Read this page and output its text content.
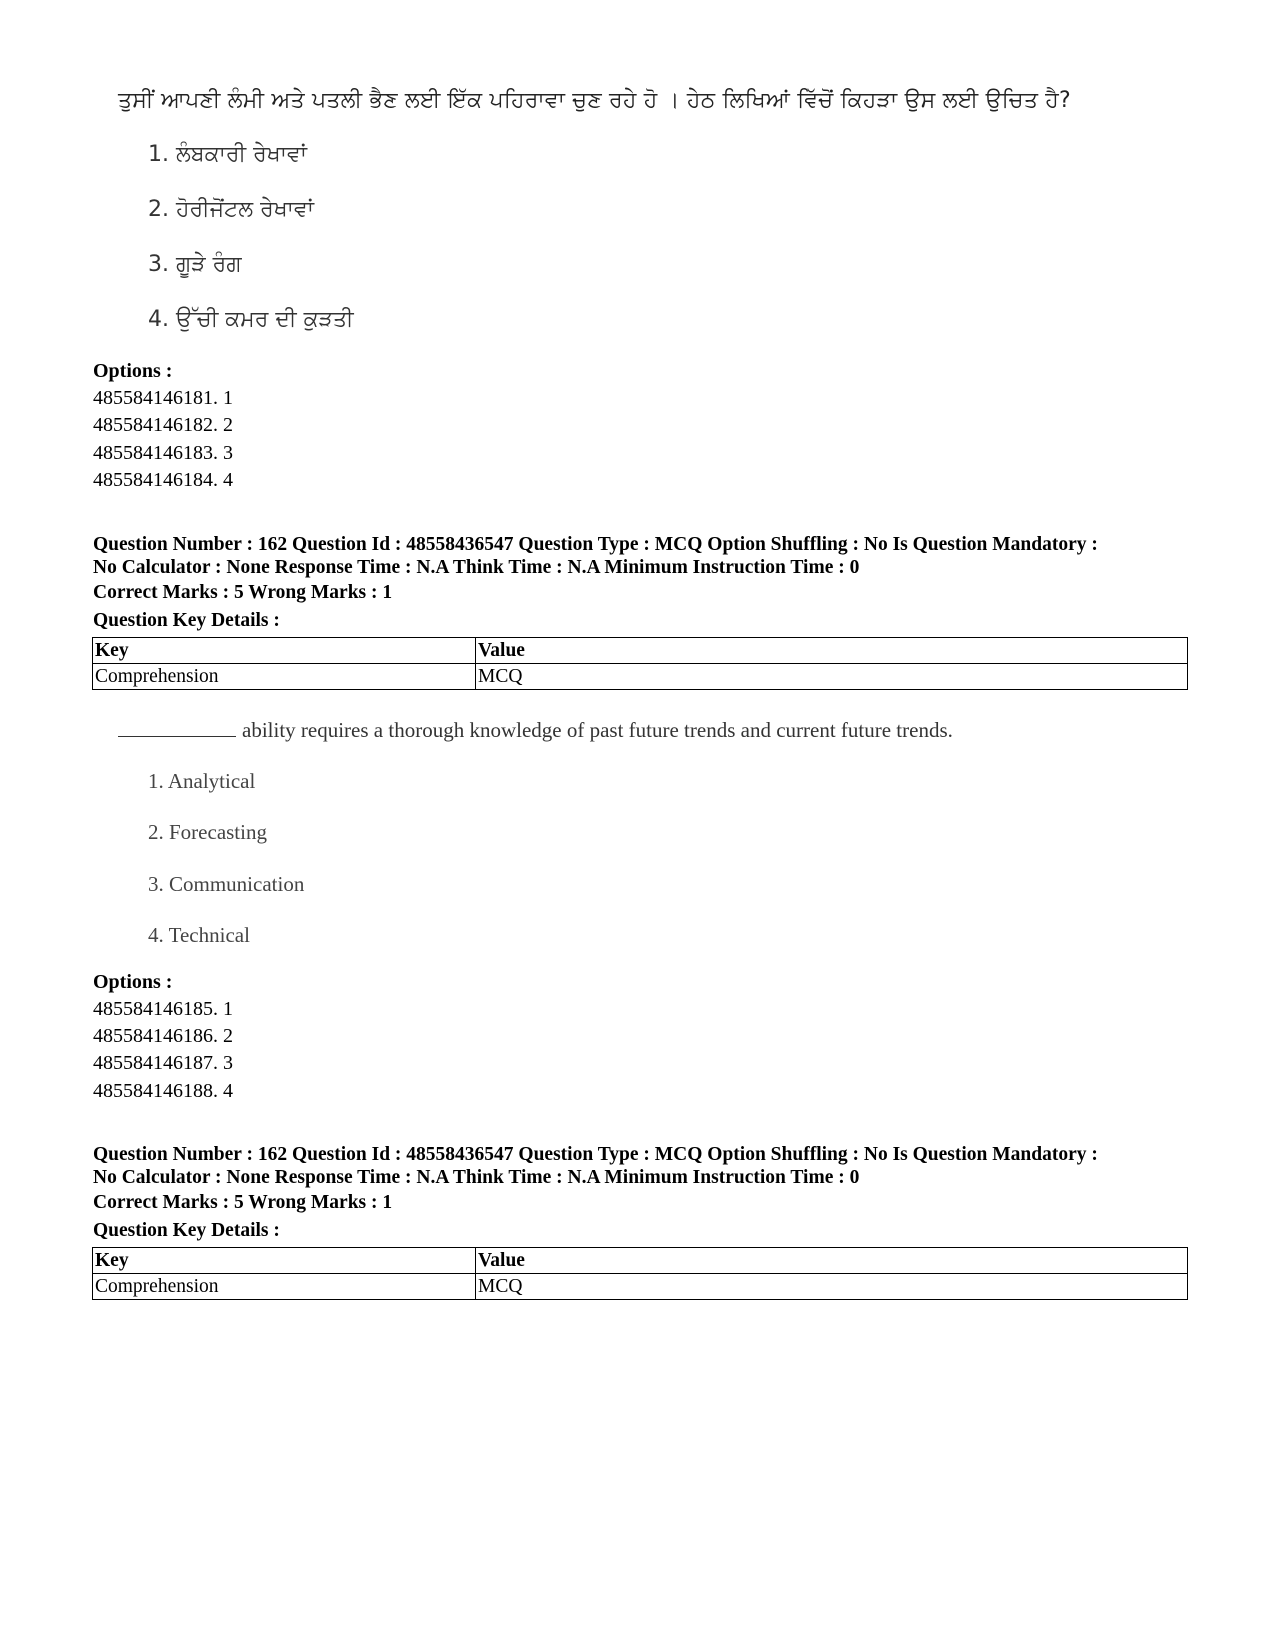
ਤੁਸੀਂ ਆਪਣੀ ਲੰਮੀ ਅਤੇ ਪਤਲੀ ਭੈਣ ਲਈ ਇੱਕ ਪਹਿਰਾਵਾ ਚੁਣ ਰਹੇ ਹੋ । ਹੇਠ ਲਿਖਿਆਂ ਵਿੱਚੋਂ ਕਿਹੜਾ ਉਸ ਲਈ ਉਚਿਤ ਹੈ?
1. ਲੰਬਕਾਰੀ ਰੇਖਾਵਾਂ
2. ਹੋਰੀਜੋਂਟਲ ਰੇਖਾਵਾਂ
3. ਗੂੜੇ ਰੰਗ
4. ਉੱਚੀ ਕਮਰ ਦੀ ਕੁੜਤੀ
Options :
485584146181. 1
485584146182. 2
485584146183. 3
485584146184. 4
Question Number : 162 Question Id : 48558436547 Question Type : MCQ Option Shuffling : No Is Question Mandatory :
No Calculator : None Response Time : N.A Think Time : N.A Minimum Instruction Time : 0
Correct Marks : 5 Wrong Marks : 1
Question Key Details :
Key	Value
Comprehension	MCQ
ability requires a thorough knowledge of past future trends and current future trends.
1. Analytical
2. Forecasting
3. Communication
4. Technical
Options :
485584146185. 1
485584146186. 2
485584146187. 3
485584146188. 4
Question Number : 162 Question Id : 48558436547 Question Type : MCQ Option Shuffling : No Is Question Mandatory :
No Calculator : None Response Time : N.A Think Time : N.A Minimum Instruction Time : 0
Correct Marks : 5 Wrong Marks : 1
Question Key Details :
Key	Value
Comprehension	MCQ
